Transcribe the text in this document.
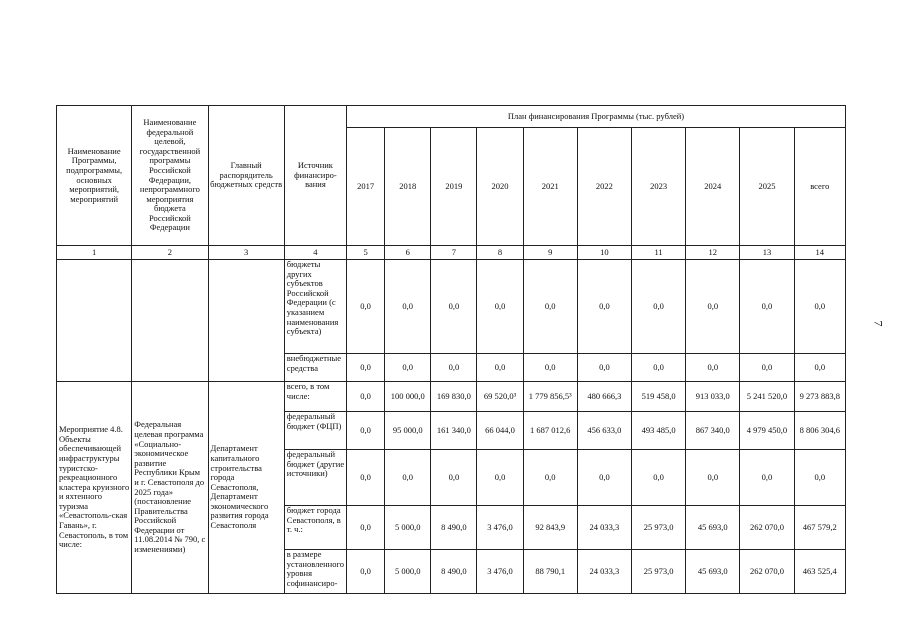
7
Наименование Программы, подпрограммы, основных мероприятий, мероприятий	Наименование федеральной целевой, государственной программы Российской Федерации, непрограммного мероприятия бюджета Российской Федерации	Главный распорядитель бюджетных средств	Источник финансиро-вания	План финансирования Программы (тыс. рублей)									
				2017	2018	2019	2020	2021	2022	2023	2024	2025	всего
1	2	3	4	5	6	7	8	9	10	11	12	13	14
			бюджеты других субъектов Российской Федерации (с указанием наименования субъекта)	0,0	0,0	0,0	0,0	0,0	0,0	0,0	0,0	0,0	0,0
			внебюджетные средства	0,0	0,0	0,0	0,0	0,0	0,0	0,0	0,0	0,0	0,0
Мероприятие 4.8. Объекты обеспечивающей инфраструктуры туристско-рекреационного кластера круизного и яхтенного туризма «Севастополь-ская Гавань», г. Севастополь, в том числе:	Федеральная целевая программа «Социально-экономическое развитие Республики Крым и г. Севастополя до 2025 года» (постановление Правительства Российской Федерации от 11.08.2014 № 790, с изменениями)	Департамент капитального строительства города Севастополя, Департамент экономического развития города Севастополя	всего, в том числе:	0,0	100 000,0	169 830,0	69 520,0³	1 779 856,5³	480 666,3	519 458,0	913 033,0	5 241 520,0	9 273 883,8
			федеральный бюджет (ФЦП)	0,0	95 000,0	161 340,0	66 044,0	1 687 012,6	456 633,0	493 485,0	867 340,0	4 979 450,0	8 806 304,6
			федеральный бюджет (другие источники)	0,0	0,0	0,0	0,0	0,0	0,0	0,0	0,0	0,0	0,0
			бюджет города Севастополя, в т. ч.:	0,0	5 000,0	8 490,0	3 476,0	92 843,9	24 033,3	25 973,0	45 693,0	262 070,0	467 579,2
			в размере установленного уровня софинансиро-	0,0	5 000,0	8 490,0	3 476,0	88 790,1	24 033,3	25 973,0	45 693,0	262 070,0	463 525,4
